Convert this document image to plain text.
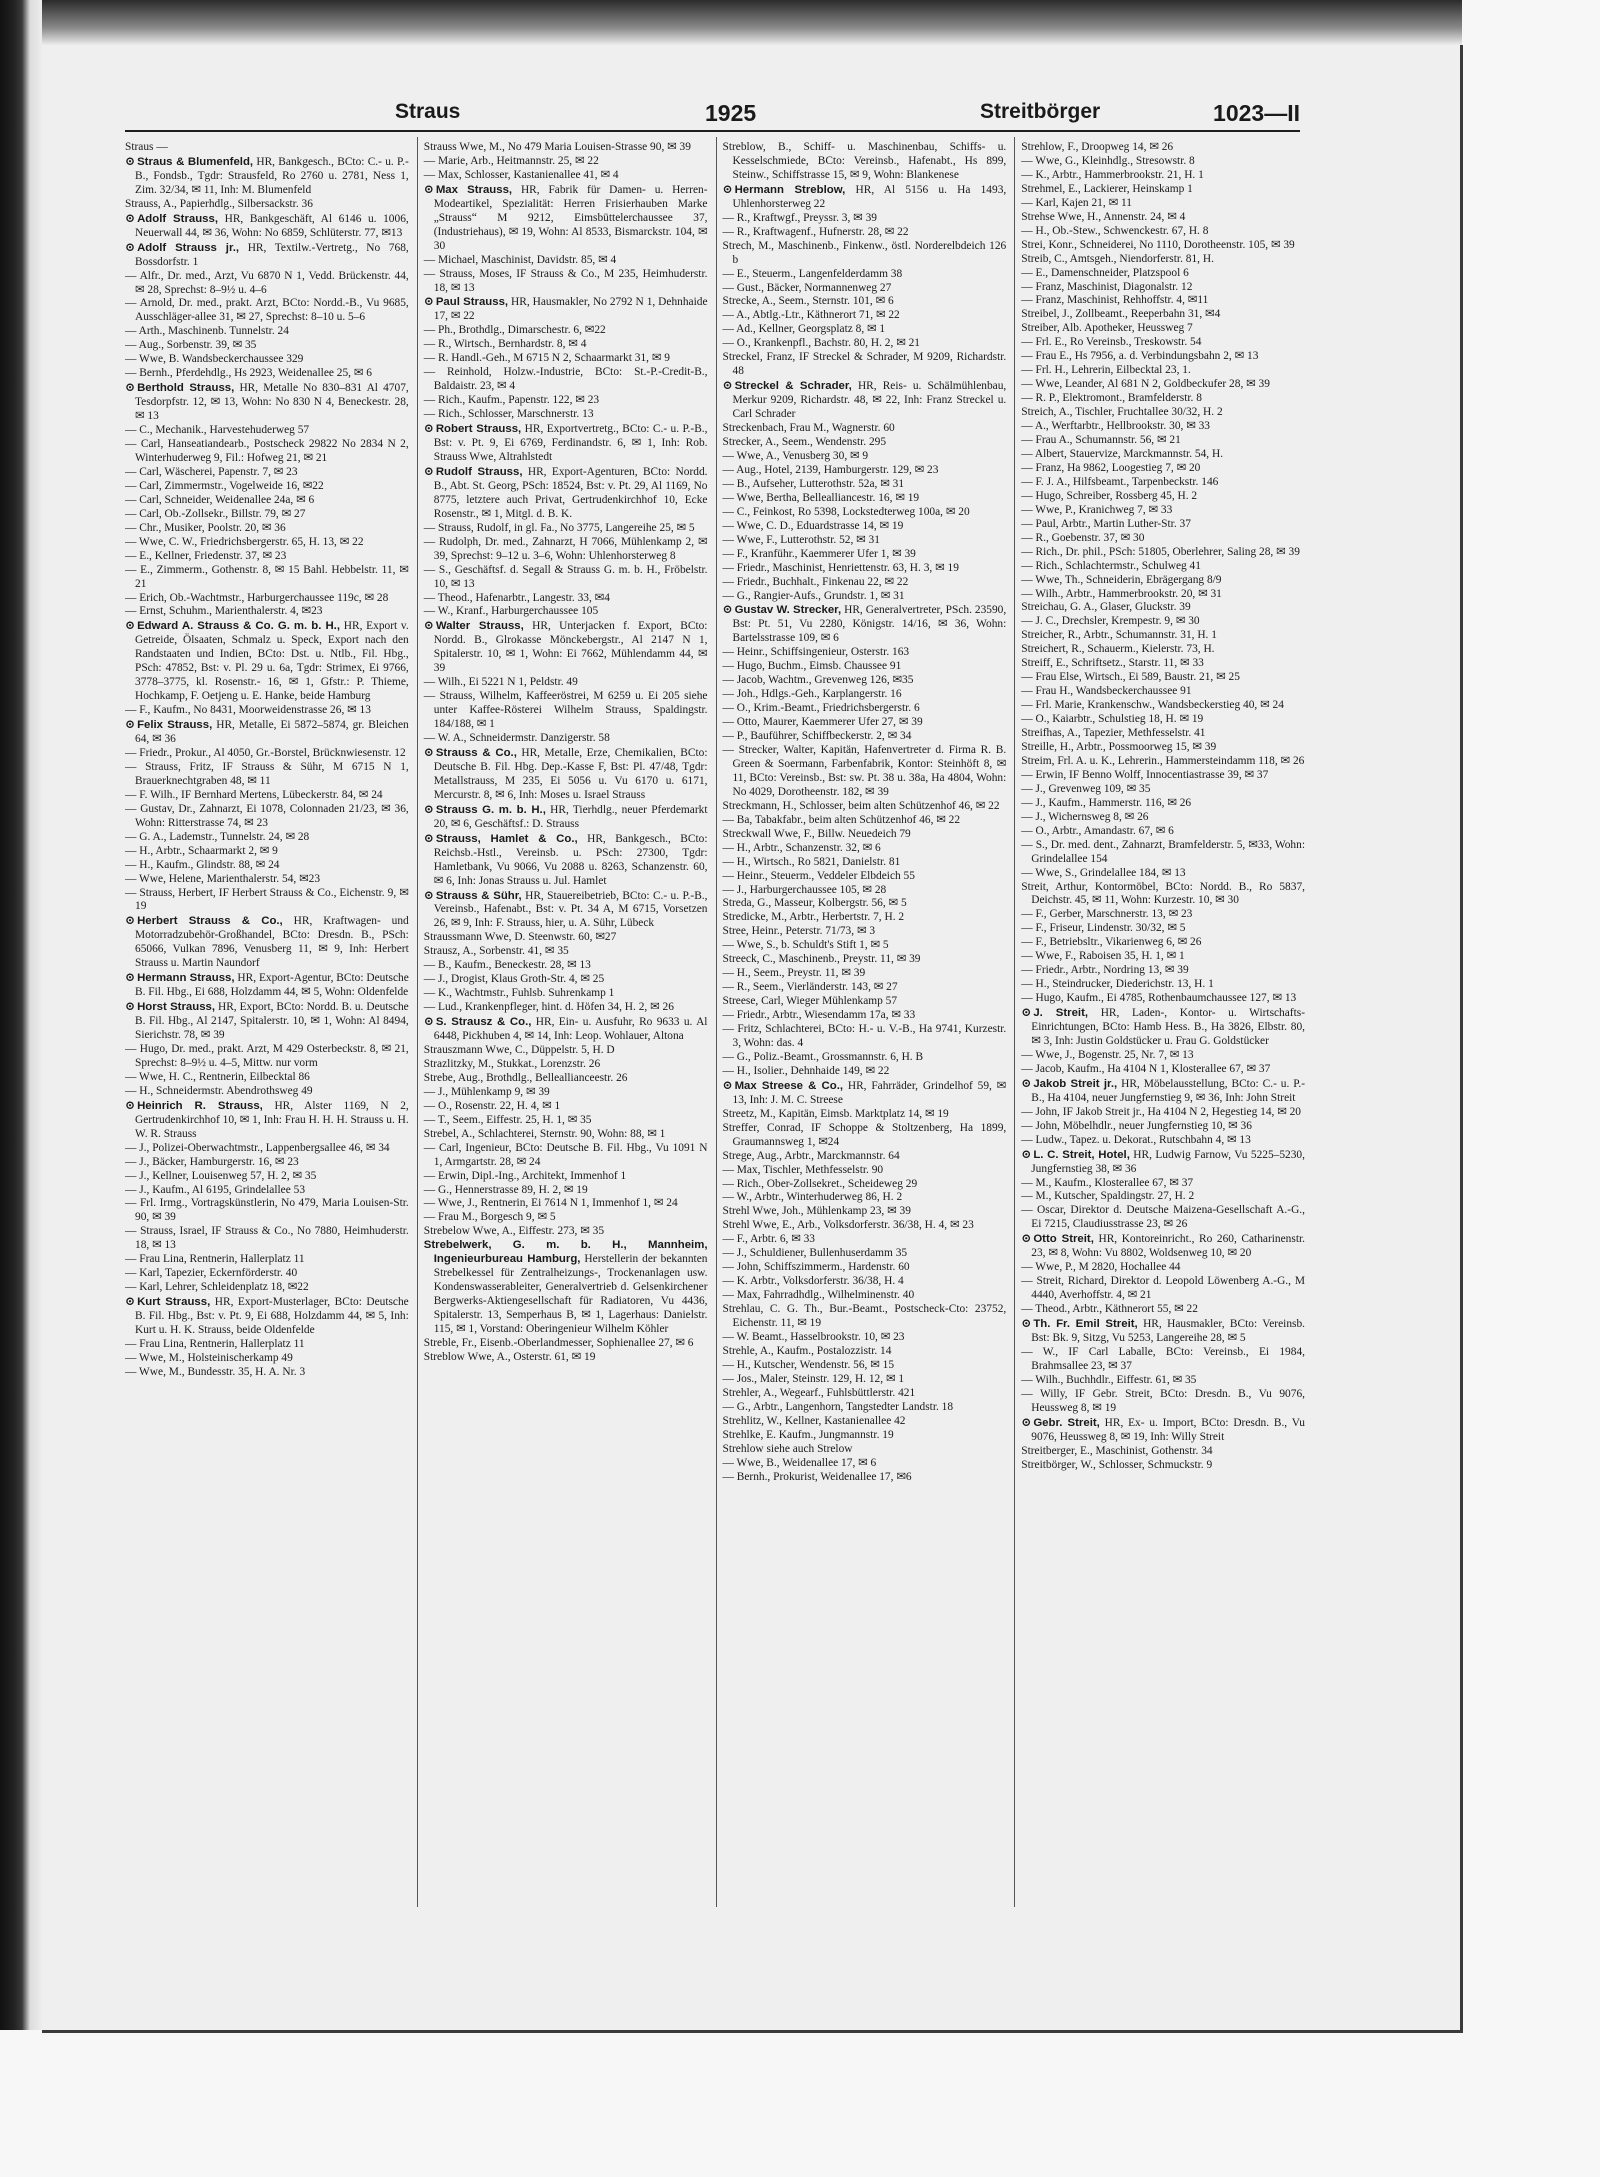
Straus	1925	Streitbörger	1023—II

Straus —

⊙ Straus & Blumenfeld, HR, Bankgesch., BCto: C.- u. P.-B., Fondsb., Tgdr: Strausfeld, Ro 2760 u. 2781, Ness 1, Zim. 32/34, ✉ 11, Inh: M. Blumenfeld

Strauss, A., Papierhdlg., Silbersackstr. 36

⊙ Adolf Strauss, HR, Bankgeschäft, Al 6146 u. 1006, Neuerwall 44, ✉ 36, Wohn: No 6859, Schlüterstr. 77, ✉13

⊙ Adolf Strauss jr., HR, Textilw.-Vertretg., No 768, Bossdorfstr. 1

— Alfr., Dr. med., Arzt, Vu 6870 N 1, Vedd. Brückenstr. 44, ✉ 28, Sprechst: 8–9½ u. 4–6

— Arnold, Dr. med., prakt. Arzt, BCto: Nordd.-B., Vu 9685, Ausschläger-allee 31, ✉ 27, Sprechst: 8–10 u. 5–6

— Arth., Maschinenb. Tunnelstr. 24

— Aug., Sorbenstr. 39, ✉ 35

— Wwe, B. Wandsbeckerchaussee 329

— Bernh., Pferdehdlg., Hs 2923, Weidenallee 25, ✉ 6

⊙ Berthold Strauss, HR, Metalle No 830–831 Al 4707, Tesdorpfstr. 12, ✉ 13, Wohn: No 830 N 4, Beneckestr. 28, ✉ 13

— C., Mechanik., Harvestehuderweg 57

— Carl, Hanseatiandearb., Postscheck 29822 No 2834 N 2, Winterhuderweg 9, Fil.: Hofweg 21, ✉ 21

— Carl, Wäscherei, Papenstr. 7, ✉ 23

— Carl, Zimmermstr., Vogelweide 16, ✉22

— Carl, Schneider, Weidenallee 24a, ✉ 6

— Carl, Ob.-Zollsekr., Billstr. 79, ✉ 27

— Chr., Musiker, Poolstr. 20, ✉ 36

— Wwe, C. W., Friedrichsbergerstr. 65, H. 13, ✉ 22

— E., Kellner, Friedenstr. 37, ✉ 23

— E., Zimmerm., Gothenstr. 8, ✉ 15 Bahl. Hebbelstr. 11, ✉ 21

— Erich, Ob.-Wachtmstr., Harburgerchaussee 119c, ✉ 28

— Ernst, Schuhm., Marienthalerstr. 4, ✉23

⊙ Edward A. Strauss & Co. G. m. b. H., HR, Export v. Getreide, Ölsaaten, Schmalz u. Speck, Export nach den Randstaaten und Indien, BCto: Dst. u. Ntlb., Fil. Hbg., PSch: 47852, Bst: v. Pl. 29 u. 6a, Tgdr: Strimex, Ei 9766, 3778–3775, kl. Rosenstr.- 16, ✉ 1, Gfstr.: P. Thieme, Hochkamp, F. Oetjeng u. E. Hanke, beide Hamburg

— F., Kaufm., No 8431, Moorweidenstrasse 26, ✉ 13

⊙ Felix Strauss, HR, Metalle, Ei 5872–5874, gr. Bleichen 64, ✉ 36

— Friedr., Prokur., Al 4050, Gr.-Borstel, Brücknwiesenstr. 12

— Strauss, Fritz, IF Strauss & Sühr, M 6715 N 1, Brauerknechtgraben 48, ✉ 11

— F. Wilh., IF Bernhard Mertens, Lübeckerstr. 84, ✉ 24

— Gustav, Dr., Zahnarzt, Ei 1078, Colonnaden 21/23, ✉ 36, Wohn: Ritterstrasse 74, ✉ 23

— G. A., Lademstr., Tunnelstr. 24, ✉ 28

— H., Arbtr., Schaarmarkt 2, ✉ 9

— H., Kaufm., Glindstr. 88, ✉ 24

— Wwe, Helene, Marienthalerstr. 54, ✉23

— Strauss, Herbert, IF Herbert Strauss & Co., Eichenstr. 9, ✉ 19

⊙ Herbert Strauss & Co., HR, Kraftwagen- und Motorradzubehör-Großhandel, BCto: Dresdn. B., PSch: 65066, Vulkan 7896, Venusberg 11, ✉ 9, Inh: Herbert Strauss u. Martin Naundorf

⊙ Hermann Strauss, HR, Export-Agentur, BCto: Deutsche B. Fil. Hbg., Ei 688, Holzdamm 44, ✉ 5, Wohn: Oldenfelde

⊙ Horst Strauss, HR, Export, BCto: Nordd. B. u. Deutsche B. Fil. Hbg., Al 2147, Spitalerstr. 10, ✉ 1, Wohn: Al 8494, Sierichstr. 78, ✉ 39

— Hugo, Dr. med., prakt. Arzt, M 429 Osterbeckstr. 8, ✉ 21, Sprechst: 8–9½ u. 4–5, Mittw. nur vorm

— Wwe, H. C., Rentnerin, Eilbecktal 86

— H., Schneidermstr. Abendrothsweg 49

⊙ Heinrich R. Strauss, HR, Alster 1169, N 2, Gertrudenkirchhof 10, ✉ 1, Inh: Frau H. H. H. Strauss u. H. W. R. Strauss

— J., Polizei-Oberwachtmstr., Lappenbergsallee 46, ✉ 34

— J., Bäcker, Hamburgerstr. 16, ✉ 23

— J., Kellner, Louisenweg 57, H. 2, ✉ 35

— J., Kaufm., Al 6195, Grindelallee 53

— Frl. Irmg., Vortragskünstlerin, No 479, Maria Louisen-Str. 90, ✉ 39

— Strauss, Israel, IF Strauss & Co., No 7880, Heimhuderstr. 18, ✉ 13

— Frau Lina, Rentnerin, Hallerplatz 11

— Karl, Tapezier, Eckernförderstr. 40

— Karl, Lehrer, Schleidenplatz 18, ✉22

⊙ Kurt Strauss, HR, Export-Musterlager, BCto: Deutsche B. Fil. Hbg., Bst: v. Pt. 9, Ei 688, Holzdamm 44, ✉ 5, Inh: Kurt u. H. K. Strauss, beide Oldenfelde

— Frau Lina, Rentnerin, Hallerplatz 11

— Wwe, M., Holsteinischerkamp 49

— Wwe, M., Bundesstr. 35, H. A. Nr. 3

Strauss Wwe, M., No 479 Maria Louisen-Strasse 90, ✉ 39

— Marie, Arb., Heitmannstr. 25, ✉ 22

— Max, Schlosser, Kastanienallee 41, ✉ 4

⊙ Max Strauss, HR, Fabrik für Damen- u. Herren-Modeartikel, Spezialität: Herren Frisierhauben Marke „Strauss“ M 9212, Eimsbüttelerchaussee 37, (Industriehaus), ✉ 19, Wohn: Al 8533, Bismarckstr. 104, ✉ 30

— Michael, Maschinist, Davidstr. 85, ✉ 4

— Strauss, Moses, IF Strauss & Co., M 235, Heimhuderstr. 18, ✉ 13

⊙ Paul Strauss, HR, Hausmakler, No 2792 N 1, Dehnhaide 17, ✉ 22

— Ph., Brothdlg., Dimarschestr. 6, ✉22

— R., Wirtsch., Bernhardstr. 8, ✉ 4

— R. Handl.-Geh., M 6715 N 2, Schaarmarkt 31, ✉ 9

— Reinhold, Holzw.-Industrie, BCto: St.-P.-Credit-B., Baldaistr. 23, ✉ 4

— Rich., Kaufm., Papenstr. 122, ✉ 23

— Rich., Schlosser, Marschnerstr. 13

⊙ Robert Strauss, HR, Exportvertretg., BCto: C.- u. P.-B., Bst: v. Pt. 9, Ei 6769, Ferdinandstr. 6, ✉ 1, Inh: Rob. Strauss Wwe, Altrahlstedt

⊙ Rudolf Strauss, HR, Export-Agenturen, BCto: Nordd. B., Abt. St. Georg, PSch: 18524, Bst: v. Pt. 29, Al 1169, No 8775, letztere auch Privat, Gertrudenkirchhof 10, Ecke Rosenstr., ✉ 1, Mitgl. d. B. K.

— Strauss, Rudolf, in gl. Fa., No 3775, Langereihe 25, ✉ 5

— Rudolph, Dr. med., Zahnarzt, H 7066, Mühlenkamp 2, ✉ 39, Sprechst: 9–12 u. 3–6, Wohn: Uhlenhorsterweg 8

— S., Geschäftsf. d. Segall & Strauss G. m. b. H., Fröbelstr. 10, ✉ 13

— Theod., Hafenarbtr., Langestr. 33, ✉4

— W., Kranf., Harburgerchaussee 105

⊙ Walter Strauss, HR, Unterjacken f. Export, BCto: Nordd. B., Glrokasse Mönckebergstr., Al 2147 N 1, Spitalerstr. 10, ✉ 1, Wohn: Ei 7662, Mühlendamm 44, ✉ 39

— Wilh., Ei 5221 N 1, Peldstr. 49

— Strauss, Wilhelm, Kaffeeröstrei, M 6259 u. Ei 205 siehe unter Kaffee-Rösterei Wilhelm Strauss, Spaldingstr. 184/188, ✉ 1

— W. A., Schneidermstr. Danzigerstr. 58

⊙ Strauss & Co., HR, Metalle, Erze, Chemikalien, BCto: Deutsche B. Fil. Hbg. Dep.-Kasse F, Bst: Pl. 47/48, Tgdr: Metallstrauss, M 235, Ei 5056 u. Vu 6170 u. 6171, Mercurstr. 8, ✉ 6, Inh: Moses u. Israel Strauss

⊙ Strauss G. m. b. H., HR, Tierhdlg., neuer Pferdemarkt 20, ✉ 6, Geschäftsf.: D. Strauss

⊙ Strauss, Hamlet & Co., HR, Bankgesch., BCto: Reichsb.-Hstl., Vereinsb. u. PSch: 27300, Tgdr: Hamletbank, Vu 9066, Vu 2088 u. 8263, Schanzenstr. 60, ✉ 6, Inh: Jonas Strauss u. Jul. Hamlet

⊙ Strauss & Sühr, HR, Stauereibetrieb, BCto: C.- u. P.-B., Vereinsb., Hafenabt., Bst: v. Pt. 34 A, M 6715, Vorsetzen 26, ✉ 9, Inh: F. Strauss, hier, u. A. Sühr, Lübeck

Straussmann Wwe, D. Steenwstr. 60, ✉27

Strausz, A., Sorbenstr. 41, ✉ 35

— B., Kaufm., Beneckestr. 28, ✉ 13

— J., Drogist, Klaus Groth-Str. 4, ✉ 25

— K., Wachtmstr., Fuhlsb. Suhrenkamp 1

— Lud., Krankenpfleger, hint. d. Höfen 34, H. 2, ✉ 26

⊙ S. Strausz & Co., HR, Ein- u. Ausfuhr, Ro 9633 u. Al 6448, Pickhuben 4, ✉ 14, Inh: Leop. Wohlauer, Altona

Strauszmann Wwe, C., Düppelstr. 5, H. D

Strazlitzky, M., Stukkat., Lorenzstr. 26

Strebe, Aug., Brothdlg., Belleallianceestr. 26

— J., Mühlenkamp 9, ✉ 39

— O., Rosenstr. 22, H. 4, ✉ 1

— T., Seem., Eiffestr. 25, H. 1, ✉ 35

Strebel, A., Schlachterei, Sternstr. 90, Wohn: 88, ✉ 1

— Carl, Ingenieur, BCto: Deutsche B. Fil. Hbg., Vu 1091 N 1, Armgartstr. 28, ✉ 24

— Erwin, Dipl.-Ing., Architekt, Immenhof 1

— G., Hennerstrasse 89, H. 2, ✉ 19

— Wwe, J., Rentnerin, Ei 7614 N 1, Immenhof 1, ✉ 24

— Frau M., Borgesch 9, ✉ 5

Strebelow Wwe, A., Eiffestr. 273, ✉ 35

Strebelwerk, G. m. b. H., Mannheim, Ingenieurbureau Hamburg, Herstellerin der bekannten Strebelkessel für Zentralheizungs-, Trockenanlagen usw. Kondenswasserableiter, Generalvertrieb d. Gelsenkirchener Bergwerks-Aktiengesellschaft für Radiatoren, Vu 4436, Spitalerstr. 13, Semperhaus B, ✉ 1, Lagerhaus: Danielstr. 115, ✉ 1, Vorstand: Oberingenieur Wilhelm Köhler

Streble, Fr., Eisenb.-Oberlandmesser, Sophienallee 27, ✉ 6

Streblow Wwe, A., Osterstr. 61, ✉ 19

Streblow, B., Schiff- u. Maschinenbau, Schiffs- u. Kesselschmiede, BCto: Vereinsb., Hafenabt., Hs 899, Steinw., Schiffstrasse 15, ✉ 9, Wohn: Blankenese

⊙ Hermann Streblow, HR, Al 5156 u. Ha 1493, Uhlenhorsterweg 22

— R., Kraftwgf., Preyssr. 3, ✉ 39

— R., Kraftwagenf., Hufnerstr. 28, ✉ 22

Strech, M., Maschinenb., Finkenw., östl. Norderelbdeich 126 b

— E., Steuerm., Langenfelderdamm 38

— Gust., Bäcker, Normannenweg 27

Strecke, A., Seem., Sternstr. 101, ✉ 6

— A., Abtlg.-Ltr., Käthnerort 71, ✉ 22

— Ad., Kellner, Georgsplatz 8, ✉ 1

— O., Krankenpfl., Bachstr. 80, H. 2, ✉ 21

Streckel, Franz, IF Streckel & Schrader, M 9209, Richardstr. 48

⊙ Streckel & Schrader, HR, Reis- u. Schälmühlenbau, Merkur 9209, Richardstr. 48, ✉ 22, Inh: Franz Streckel u. Carl Schrader

Streckenbach, Frau M., Wagnerstr. 60

Strecker, A., Seem., Wendenstr. 295

— Wwe, A., Venusberg 30, ✉ 9

— Aug., Hotel, 2139, Hamburgerstr. 129, ✉ 23

— B., Aufseher, Lutterothstr. 52a, ✉ 31

— Wwe, Bertha, Bellealliancestr. 16, ✉ 19

— C., Feinkost, Ro 5398, Lockstedterweg 100a, ✉ 20

— Wwe, C. D., Eduardstrasse 14, ✉ 19

— Wwe, F., Lutterothstr. 52, ✉ 31

— F., Kranführ., Kaemmerer Ufer 1, ✉ 39

— Friedr., Maschinist, Henriettenstr. 63, H. 3, ✉ 19

— Friedr., Buchhalt., Finkenau 22, ✉ 22

— G., Rangier-Aufs., Grundstr. 1, ✉ 31

⊙ Gustav W. Strecker, HR, Generalvertreter, PSch. 23590, Bst: Pt. 51, Vu 2280, Königstr. 14/16, ✉ 36, Wohn: Bartelsstrasse 109, ✉ 6

— Heinr., Schiffsingenieur, Osterstr. 163

— Hugo, Buchm., Eimsb. Chaussee 91

— Jacob, Wachtm., Grevenweg 126, ✉35

— Joh., Hdlgs.-Geh., Karplangerstr. 16

— O., Krim.-Beamt., Friedrichsbergerstr. 6

— Otto, Maurer, Kaemmerer Ufer 27, ✉ 39

— P., Bauführer, Schiffbeckerstr. 2, ✉ 34

— Strecker, Walter, Kapitän, Hafenvertreter d. Firma R. B. Green & Soermann, Farbenfabrik, Kontor: Steinhöft 8, ✉ 11, BCto: Vereinsb., Bst: sw. Pt. 38 u. 38a, Ha 4804, Wohn: No 4029, Dorotheenstr. 182, ✉ 39

Streckmann, H., Schlosser, beim alten Schützenhof 46, ✉ 22

— Ba, Tabakfabr., beim alten Schützenhof 46, ✉ 22

Streckwall Wwe, F., Billw. Neuedeich 79

— H., Arbtr., Schanzenstr. 32, ✉ 6

— H., Wirtsch., Ro 5821, Danielstr. 81

— Heinr., Steuerm., Veddeler Elbdeich 55

— J., Harburgerchaussee 105, ✉ 28

Streda, G., Masseur, Kolbergstr. 56, ✉ 5

Stredicke, M., Arbtr., Herbertstr. 7, H. 2

Stree, Heinr., Peterstr. 71/73, ✉ 3

— Wwe, S., b. Schuldt's Stift 1, ✉ 5

Streeck, C., Maschinenb., Preystr. 11, ✉ 39

— H., Seem., Preystr. 11, ✉ 39

— R., Seem., Vierländerstr. 143, ✉ 27

Streese, Carl, Wieger Mühlenkamp 57

— Friedr., Arbtr., Wiesendamm 17a, ✉ 33

— Fritz, Schlachterei, BCto: H.- u. V.-B., Ha 9741, Kurzestr. 3, Wohn: das. 4

— G., Poliz.-Beamt., Grossmannstr. 6, H. B

— H., Isolier., Dehnhaide 149, ✉ 22

⊙ Max Streese & Co., HR, Fahrräder, Grindelhof 59, ✉ 13, Inh: J. M. C. Streese

Streetz, M., Kapitän, Eimsb. Marktplatz 14, ✉ 19

Streffer, Conrad, IF Schoppe & Stoltzenberg, Ha 1899, Graumannsweg 1, ✉24

Strege, Aug., Arbtr., Marckmannstr. 64

— Max, Tischler, Methfesselstr. 90

— Rich., Ober-Zollsekret., Scheideweg 29

— W., Arbtr., Winterhuderweg 86, H. 2

Strehl Wwe, Joh., Mühlenkamp 23, ✉ 39

Strehl Wwe, E., Arb., Volksdorferstr. 36/38, H. 4, ✉ 23

— F., Arbtr. 6, ✉ 33

— J., Schuldiener, Bullenhuserdamm 35

— John, Schiffszimmerm., Hardenstr. 60

— K. Arbtr., Volksdorferstr. 36/38, H. 4

— Max, Fahrradhdlg., Wilhelminenstr. 40

Strehlau, C. G. Th., Bur.-Beamt., Postscheck-Cto: 23752, Eichenstr. 11, ✉ 19

— W. Beamt., Hasselbrookstr. 10, ✉ 23

Strehle, A., Kaufm., Postalozzistr. 14

— H., Kutscher, Wendenstr. 56, ✉ 15

— Jos., Maler, Steinstr. 129, H. 12, ✉ 1

Strehler, A., Wegearf., Fuhlsbüttlerstr. 421

— G., Arbtr., Langenhorn, Tangstedter Landstr. 18

Strehlitz, W., Kellner, Kastanienallee 42

Strehlke, E. Kaufm., Jungmannstr. 19

Strehlow siehe auch Strelow

— Wwe, B., Weidenallee 17, ✉ 6

— Bernh., Prokurist, Weidenallee 17, ✉6

Strehlow, F., Droopweg 14, ✉ 26

— Wwe, G., Kleinhdlg., Stresowstr. 8

— K., Arbtr., Hammerbrookstr. 21, H. 1

Strehmel, E., Lackierer, Heinskamp 1

— Karl, Kajen 21, ✉ 11

Strehse Wwe, H., Annenstr. 24, ✉ 4

— H., Ob.-Stew., Schwenckestr. 67, H. 8

Strei, Konr., Schneiderei, No 1110, Dorotheenstr. 105, ✉ 39

Streib, C., Amtsgeh., Niendorferstr. 81, H.

— E., Damenschneider, Platzspool 6

— Franz, Maschinist, Diagonalstr. 12

— Franz, Maschinist, Rehhoffstr. 4, ✉11

Streibel, J., Zollbeamt., Reeperbahn 31, ✉4

Streiber, Alb. Apotheker, Heussweg 7

— Frl. E., Ro Vereinsb., Treskowstr. 54

— Frau E., Hs 7956, a. d. Verbindungsbahn 2, ✉ 13

— Frl. H., Lehrerin, Eilbecktal 23, 1.

— Wwe, Leander, Al 681 N 2, Goldbeckufer 28, ✉ 39

— R. P., Elektromont., Bramfelderstr. 8

Streich, A., Tischler, Fruchtallee 30/32, H. 2

— A., Werftarbtr., Hellbrookstr. 30, ✉ 33

— Frau A., Schumannstr. 56, ✉ 21

— Albert, Stauervize, Marckmannstr. 54, H.

— Franz, Ha 9862, Loogestieg 7, ✉ 20

— F. J. A., Hilfsbeamt., Tarpenbeckstr. 146

— Hugo, Schreiber, Rossberg 45, H. 2

— Wwe, P., Kranichweg 7, ✉ 33

— Paul, Arbtr., Martin Luther-Str. 37

— R., Goebenstr. 37, ✉ 30

— Rich., Dr. phil., PSch: 51805, Oberlehrer, Saling 28, ✉ 39

— Rich., Schlachtermstr., Schulweg 41

— Wwe, Th., Schneiderin, Ebrägergang 8/9

— Wilh., Arbtr., Hammerbrookstr. 20, ✉ 31

Streichau, G. A., Glaser, Gluckstr. 39

— J. C., Drechsler, Krempestr. 9, ✉ 30

Streicher, R., Arbtr., Schumannstr. 31, H. 1

Streichert, R., Schauerm., Kielerstr. 73, H.

Streiff, E., Schriftsetz., Starstr. 11, ✉ 33

— Frau Else, Wirtsch., Ei 589, Baustr. 21, ✉ 25

— Frau H., Wandsbeckerchaussee 91

— Frl. Marie, Krankenschw., Wandsbeckerstieg 40, ✉ 24

— O., Kaiarbtr., Schulstieg 18, H. ✉ 19

Streifhas, A., Tapezier, Methfesselstr. 41

Streille, H., Arbtr., Possmoorweg 15, ✉ 39

Streim, Frl. A. u. K., Lehrerin., Hammersteindamm 118, ✉ 26

— Erwin, IF Benno Wolff, Innocentiastrasse 39, ✉ 37

— J., Grevenweg 109, ✉ 35

— J., Kaufm., Hammerstr. 116, ✉ 26

— J., Wichernsweg 8, ✉ 26

— O., Arbtr., Amandastr. 67, ✉ 6

— S., Dr. med. dent., Zahnarzt, Bramfelderstr. 5, ✉33, Wohn: Grindelallee 154

— Wwe, S., Grindelallee 184, ✉ 13

Streit, Arthur, Kontormöbel, BCto: Nordd. B., Ro 5837, Deichstr. 45, ✉ 11, Wohn: Kurzestr. 10, ✉ 30

— F., Gerber, Marschnerstr. 13, ✉ 23

— F., Friseur, Lindenstr. 30/32, ✉ 5

— F., Betriebsltr., Vikarienweg 6, ✉ 26

— Wwe, F., Raboisen 35, H. 1, ✉ 1

— Friedr., Arbtr., Nordring 13, ✉ 39

— H., Steindrucker, Diederichstr. 13, H. 1

— Hugo, Kaufm., Ei 4785, Rothenbaumchaussee 127, ✉ 13

⊙ J. Streit, HR, Laden-, Kontor- u. Wirtschafts-Einrichtungen, BCto: Hamb Hess. B., Ha 3826, Elbstr. 80, ✉ 3, Inh: Justin Goldstücker u. Frau G. Goldstücker

— Wwe, J., Bogenstr. 25, Nr. 7, ✉ 13

— Jacob, Kaufm., Ha 4104 N 1, Klosterallee 67, ✉ 37

⊙ Jakob Streit jr., HR, Möbelausstellung, BCto: C.- u. P.-B., Ha 4104, neuer Jungfernstieg 9, ✉ 36, Inh: John Streit

— John, IF Jakob Streit jr., Ha 4104 N 2, Hegestieg 14, ✉ 20

— John, Möbelhdlr., neuer Jungfernstieg 10, ✉ 36

— Ludw., Tapez. u. Dekorat., Rutschbahn 4, ✉ 13

⊙ L. C. Streit, Hotel, HR, Ludwig Farnow, Vu 5225–5230, Jungfernstieg 38, ✉ 36

— M., Kaufm., Klosterallee 67, ✉ 37

— M., Kutscher, Spaldingstr. 27, H. 2

— Oscar, Direktor d. Deutsche Maizena-Gesellschaft A.-G., Ei 7215, Claudiusstrasse 23, ✉ 26

⊙ Otto Streit, HR, Kontoreinricht., Ro 260, Catharinenstr. 23, ✉ 8, Wohn: Vu 8802, Woldsenweg 10, ✉ 20

— Wwe, P., M 2820, Hochallee 44

— Streit, Richard, Direktor d. Leopold Löwenberg A.-G., M 4440, Averhoffstr. 4, ✉ 21

— Theod., Arbtr., Käthnerort 55, ✉ 22

⊙ Th. Fr. Emil Streit, HR, Hausmakler, BCto: Vereinsb. Bst: Bk. 9, Sitzg, Vu 5253, Langereihe 28, ✉ 5

— W., IF Carl Laballe, BCto: Vereinsb., Ei 1984, Brahmsallee 23, ✉ 37

— Wilh., Buchhdlr., Eiffestr. 61, ✉ 35

— Willy, IF Gebr. Streit, BCto: Dresdn. B., Vu 9076, Heussweg 8, ✉ 19

⊙ Gebr. Streit, HR, Ex- u. Import, BCto: Dresdn. B., Vu 9076, Heussweg 8, ✉ 19, Inh: Willy Streit

Streitberger, E., Maschinist, Gothenstr. 34

Streitbörger, W., Schlosser, Schmuckstr. 9
